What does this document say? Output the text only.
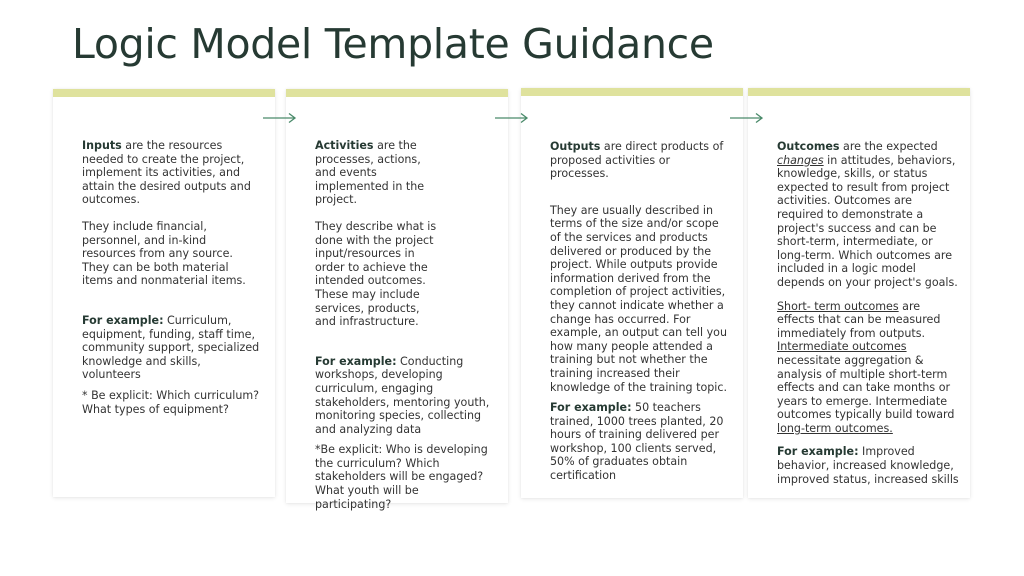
Logic Model Template Guidance

Inputs are the resources needed to create the project, implement its activities, and attain the desired outputs and outcomes.

They include financial, personnel, and in-kind resources from any source. They can be both material items and nonmaterial items.

For example: Curriculum, equipment, funding, staff time, community support, specialized knowledge and skills, volunteers

* Be explicit: Which curriculum? What types of equipment?

Activities are the processes, actions, and events implemented in the project.

They describe what is done with the project input/resources in order to achieve the intended outcomes. These may include services, products, and infrastructure.

For example: Conducting workshops, developing curriculum, engaging stakeholders, mentoring youth, monitoring species, collecting and analyzing data

*Be explicit: Who is developing the curriculum? Which stakeholders will be engaged? What youth will be participating?

Outputs are direct products of proposed activities or processes.

They are usually described in terms of the size and/or scope of the services and products delivered or produced by the project. While outputs provide information derived from the completion of project activities, they cannot indicate whether a change has occurred. For example, an output can tell you how many people attended a training but not whether the training increased their knowledge of the training topic.

For example: 50 teachers trained, 1000 trees planted, 20 hours of training delivered per workshop, 100 clients served, 50% of graduates obtain certification

Outcomes are the expected changes in attitudes, behaviors, knowledge, skills, or status expected to result from project activities. Outcomes are required to demonstrate a project's success and can be short-term, intermediate, or long-term. Which outcomes are included in a logic model depends on your project's goals.

Short- term outcomes are effects that can be measured immediately from outputs. Intermediate outcomes necessitate aggregation & analysis of multiple short-term effects and can take months or years to emerge. Intermediate outcomes typically build toward long-term outcomes.

For example: Improved behavior, increased knowledge, improved status, increased skills
